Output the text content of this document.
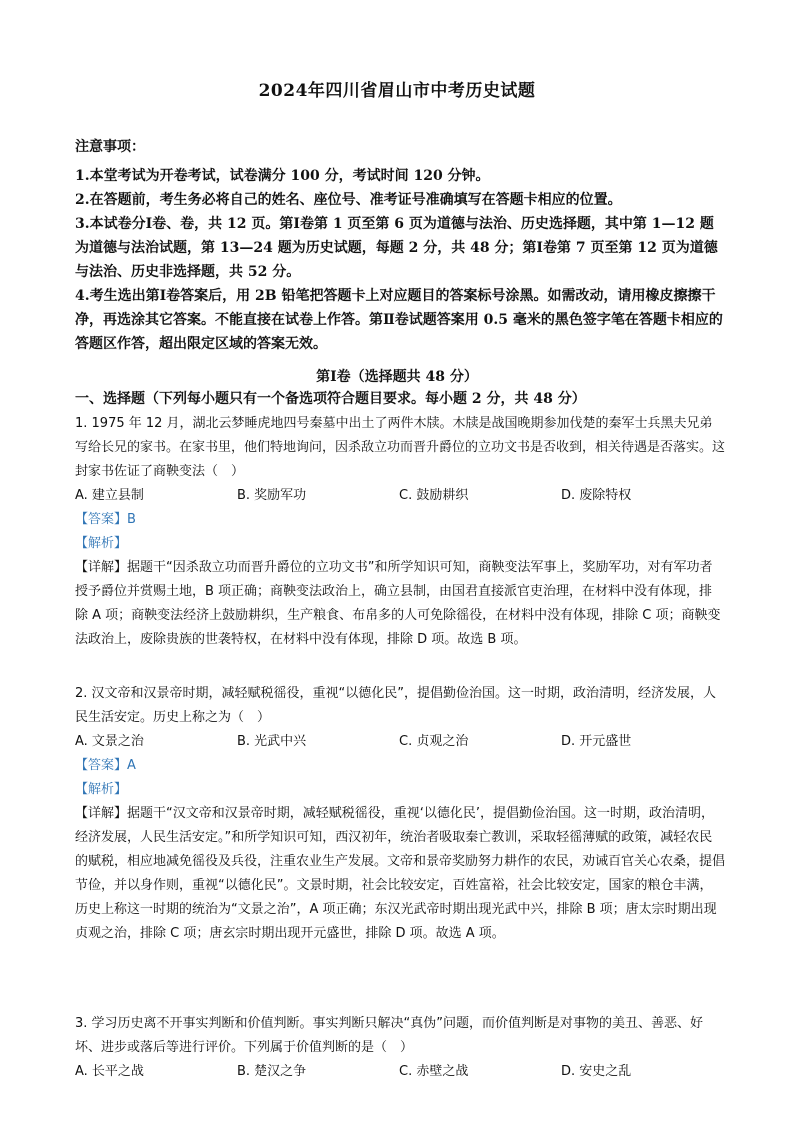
2024年四川省眉山市中考历史试题
注意事项：

1.本堂考试为开卷考试，试卷满分 100 分，考试时间 120 分钟。

2.在答题前，考生务必将自己的姓名、座位号、准考证号准确填写在答题卡相应的位置。

3.本试卷分Ⅰ卷、卷，共 12 页。第Ⅰ卷第 1 页至第 6 页为道德与法治、历史选择题，其中第 1—12 题为道德与法治试题，第 13—24 题为历史试题，每题 2 分，共 48 分；第Ⅰ卷第 7 页至第 12 页为道德与法治、历史非选择题，共 52 分。

4.考生选出第Ⅰ卷答案后，用 2B 铅笔把答题卡上对应题目的答案标号涂黑。如需改动，请用橡皮擦擦干净，再选涂其它答案。不能直接在试卷上作答。第Ⅱ卷试题答案用 0.5 毫米的黑色签字笔在答题卡相应的答题区作答，超出限定区域的答案无效。

第Ⅰ卷（选择题共 48 分）
一、选择题（下列每小题只有一个备选项符合题目要求。每小题 2 分，共 48 分）

1. 1975 年 12 月，湖北云梦睡虎地四号秦墓中出土了两件木牍。木牍是战国晚期参加伐楚的秦军士兵黑夫兄弟写给长兄的家书。在家书里，他们特地询问，因杀敌立功而晋升爵位的立功文书是否收到，相关待遇是否落实。这封家书佐证了商鞅变法（　）

A. 建立县制	B. 奖励军功	C. 鼓励耕织	D. 废除特权

【答案】B

【解析】

【详解】据题干“因杀敌立功而晋升爵位的立功文书”和所学知识可知，商鞅变法军事上，奖励军功，对有军功者授予爵位并赏赐土地，B 项正确；商鞅变法政治上，确立县制，由国君直接派官吏治理，在材料中没有体现，排除 A 项；商鞅变法经济上鼓励耕织，生产粮食、布帛多的人可免除徭役，在材料中没有体现，排除 C 项；商鞅变法政治上，废除贵族的世袭特权，在材料中没有体现，排除 D 项。故选 B 项。

2. 汉文帝和汉景帝时期，减轻赋税徭役，重视“以德化民”，提倡勤俭治国。这一时期，政治清明，经济发展，人民生活安定。历史上称之为（　）

A. 文景之治	B. 光武中兴	C. 贞观之治	D. 开元盛世

【答案】A

【解析】

【详解】据题干“汉文帝和汉景帝时期，减轻赋税徭役，重视‘以德化民’，提倡勤俭治国。这一时期，政治清明，经济发展，人民生活安定。”和所学知识可知，西汉初年，统治者吸取秦亡教训，采取轻徭薄赋的政策，减轻农民的赋税，相应地减免徭役及兵役，注重农业生产发展。文帝和景帝奖励努力耕作的农民，劝诫百官关心农桑，提倡节俭，并以身作则，重视“以德化民”。文景时期，社会比较安定，百姓富裕，社会比较安定，国家的粮仓丰满，历史上称这一时期的统治为“文景之治”，A 项正确；东汉光武帝时期出现光武中兴，排除 B 项；唐太宗时期出现贞观之治，排除 C 项；唐玄宗时期出现开元盛世，排除 D 项。故选 A 项。

3. 学习历史离不开事实判断和价值判断。事实判断只解决“真伪”问题，而价值判断是对事物的美丑、善恶、好坏、进步或落后等进行评价。下列属于价值判断的是（　）

A. 长平之战	B. 楚汉之争	C. 赤壁之战	D. 安史之乱
